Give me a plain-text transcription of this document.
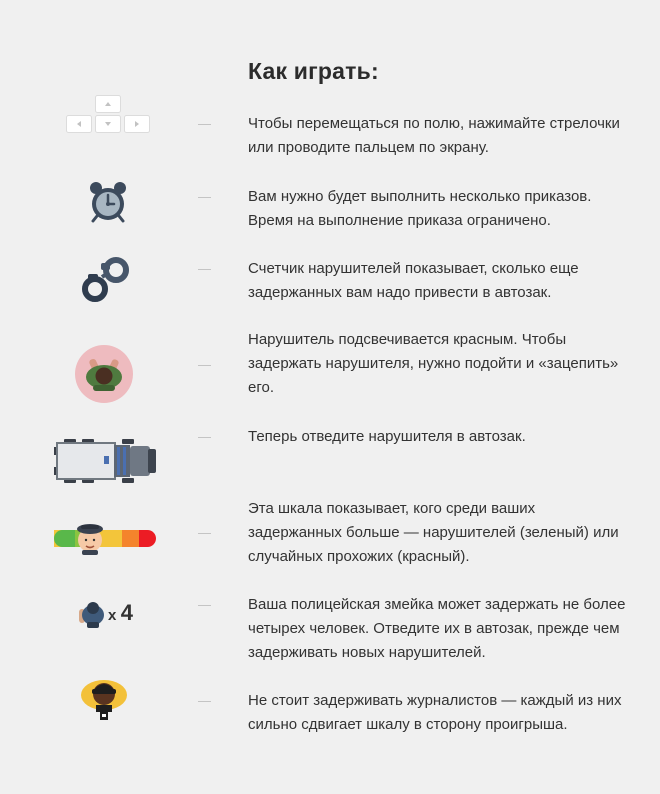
Как играть:
Чтобы перемещаться по полю, нажимайте стрелочки или проводите пальцем по экрану.
Вам нужно будет выполнить несколько приказов. Время на выполнение приказа ограничено.
Счетчик нарушителей показывает, сколько еще задержанных вам надо привести в автозак.
Нарушитель подсвечивается красным. Чтобы задержать нарушителя, нужно подойти и «зацепить» его.
Теперь отведите нарушителя в автозак.
Эта шкала показывает, кого среди ваших задержанных больше — нарушителей (зеленый) или случайных прохожих (красный).
x 4	Ваша полицейская змейка может задержать не более четырех человек. Отведите их в автозак, прежде чем задерживать новых нарушителей.
Не стоит задерживать журналистов — каждый из них сильно сдвигает шкалу в сторону проигрыша.
